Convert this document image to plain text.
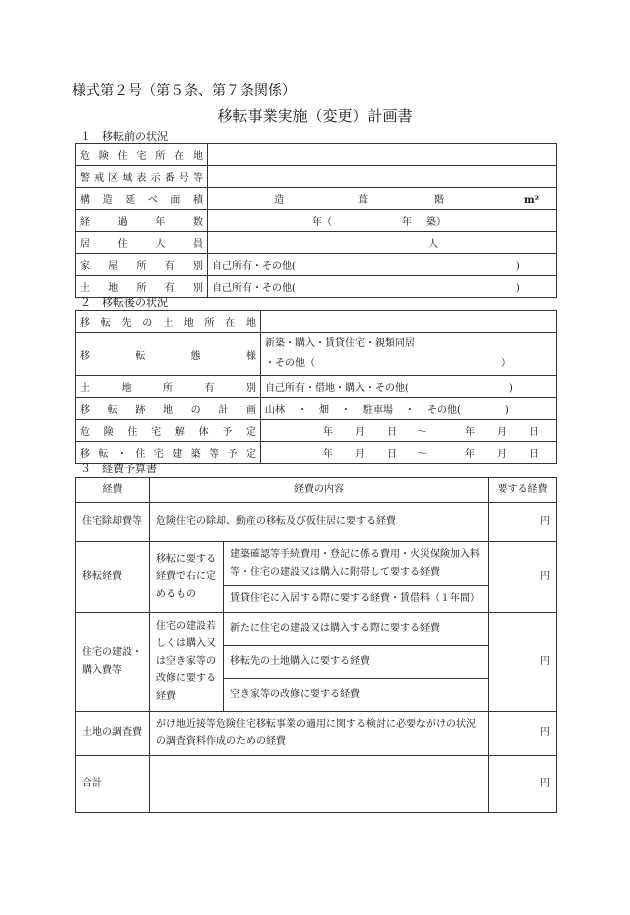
様式第２号（第５条、第７条関係）
移転事業実施（変更）計画書
１　移転前の状況
危険住宅所在地	
警戒区域表示番号等	
構造延べ面積	造 葺 階 m²
経過年数	年（ 年 築）
居住人員	人
家屋所有別	自己所有・その他(　　　　　　　　　　　　　　　　　　　　　　)
土地所有別	自己所有・その他(　　　　　　　　　　　　　　　　　　　　　　)
２　移転後の状況
移転先の土地所在地	
移転態様	新築・購入・賃貸住宅・親類同居
・その他（ ）

土地所有別	自己所有・借地・購入・その他(　　　　　　　　　　)
移転跡地の計画	山林 ・ 畑 ・ 駐車場 ・ その他( )
危険住宅解体予定	年 月 日 ～ 年 月 日
移転・住宅建築等予定	年 月 日 ～ 年 月 日
３　経費予算書
経費	経費の内容		要する経費
住宅除却費等	危険住宅の除却、動産の移転及び仮住居に要する経費		円
移転経費	移転に要する経費で右に定めるもの	建築確認等手続費用・登記に係る費用・火災保険加入料等・住宅の建設又は購入に附帯して要する経費	円
		賃貸住宅に入居する際に要する経費・賃借料（１年間）	
住宅の建設・購入費等	住宅の建設若しくは購入又は空き家等の改修に要する経費	新たに住宅の建設又は購入する際に要する経費	円
		移転先の土地購入に要する経費	
		空き家等の改修に要する経費	
土地の調査費	がけ地近接等危険住宅移転事業の適用に関する検討に必要ながけの状況の調査資料作成のための経費		円
合計			円
